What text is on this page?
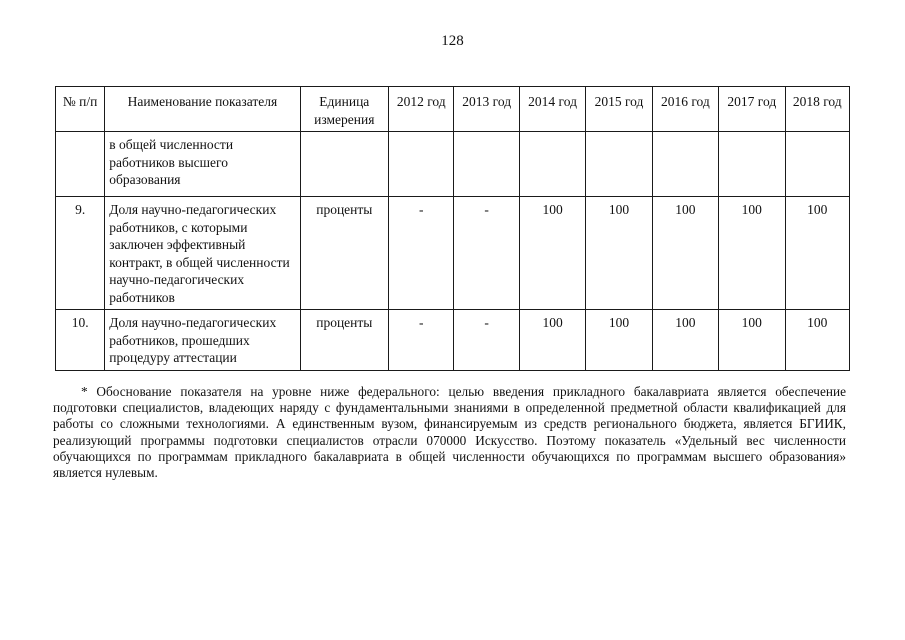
128
№ п/п	Наименование показателя	Единица измерения	2012 год	2013 год	2014 год	2015 год	2016 год	2017 год	2018 год
	в общей численности работников высшего образования								
9.	Доля научно-педагогических работников, с которыми заключен эффективный контракт, в общей численности научно-педагогических работников	проценты	-	-	100	100	100	100	100
10.	Доля научно-педагогических работников, прошедших процедуру аттестации	проценты	-	-	100	100	100	100	100

* Обоснование показателя на уровне ниже федерального: целью введения прикладного бакалавриата является обеспечение подготовки специалистов, владеющих наряду с фундаментальными знаниями в определенной предметной области квалификацией для работы со сложными технологиями. А единственным вузом, финансируемым из средств регионального бюджета, является БГИИК, реализующий программы подготовки специалистов отрасли 070000 Искусство. Поэтому показатель «Удельный вес численности обучающихся по программам прикладного бакалавриата в общей численности обучающихся по программам высшего образования» является нулевым.
